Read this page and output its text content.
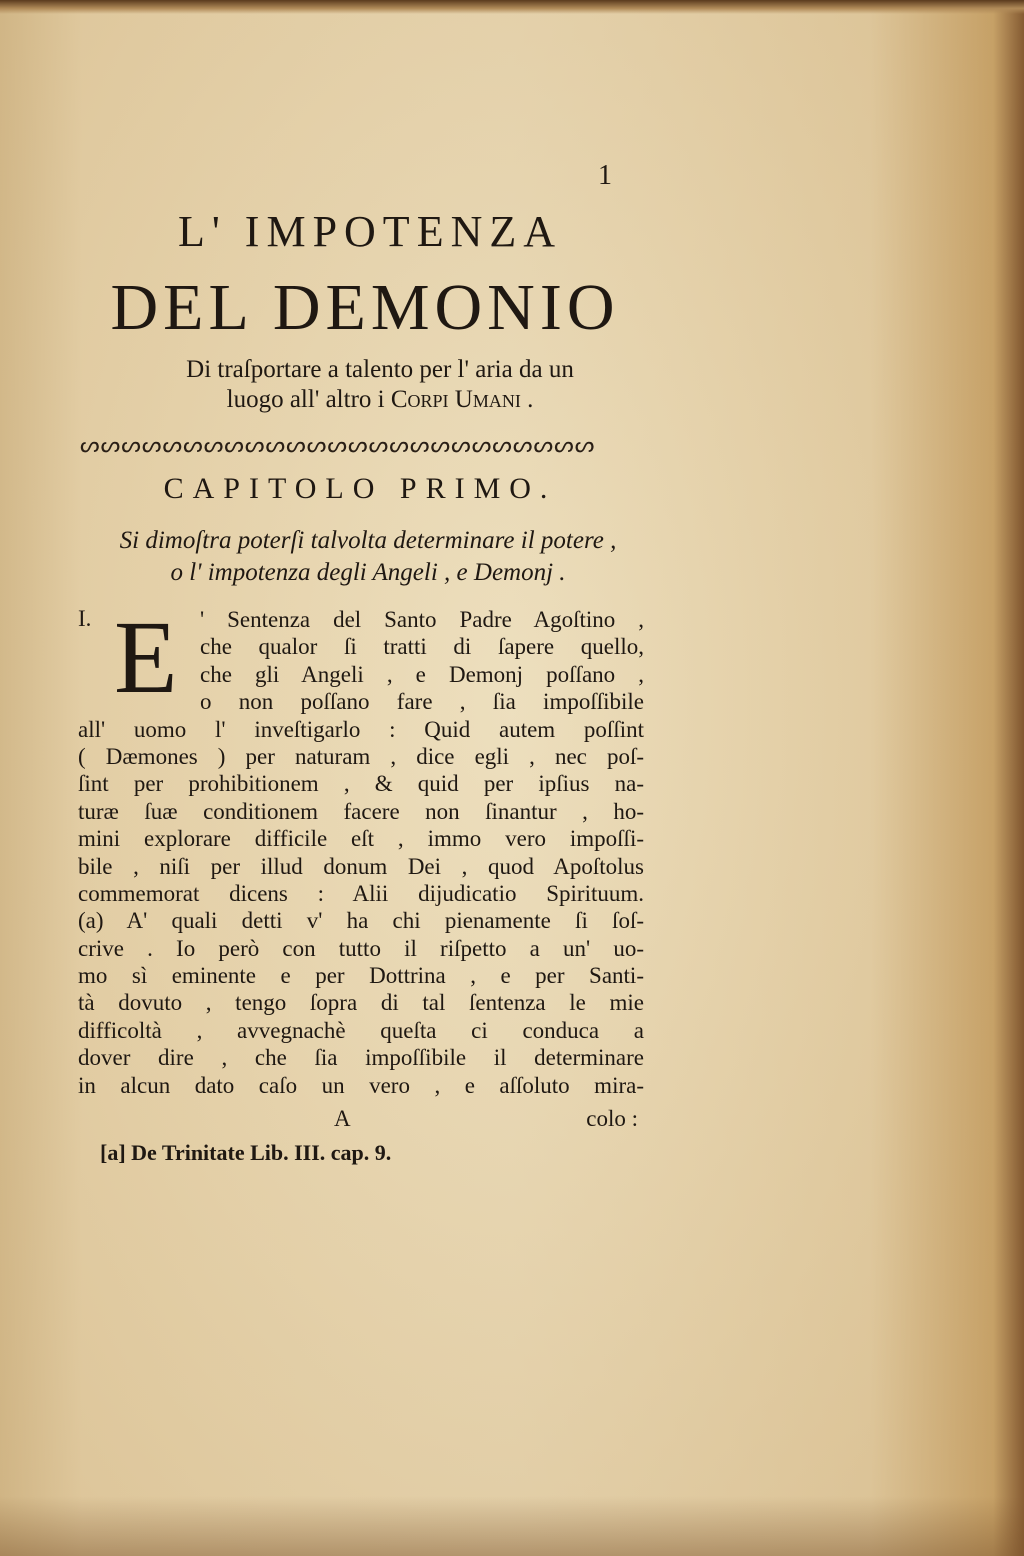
1
L' IMPOTENZA
DEL DEMONIO
Di traſportare a talento per l' aria da un
luogo all' altro i Corpi Umani .
ᔕᔕᔕᔕᔕᔕᔕᔕᔕᔕᔕᔕᔕᔕᔕᔕᔕᔕᔕᔕᔕᔕᔕᔕᔕ
CAPITOLO PRIMO.
Si dimoſtra poterſi talvolta determinare il potere ,
o l' impotenza degli Angeli , e Demonj .
I. E ' Sentenza del Santo Padre Agoſtino ,
che qualor ſi tratti di ſapere quello,
che gli Angeli , e Demonj poſſano ,
o non poſſano fare , ſia impoſſibile
all' uomo l' inveſtigarlo : Quid autem poſſint
( Dæmones ) per naturam , dice egli , nec poſ-
ſint per prohibitionem , & quid per ipſius na-
turæ ſuæ conditionem facere non ſinantur , ho-
mini explorare difficile eſt , immo vero impoſſi-
bile , niſi per illud donum Dei , quod Apoſtolus
commemorat dicens : Alii dijudicatio Spirituum.
(a) A' quali detti v' ha chi pienamente ſi ſoſ-
crive . Io però con tutto il riſpetto a un' uo-
mo sì eminente e per Dottrina , e per Santi-
tà dovuto , tengo ſopra di tal ſentenza le mie
difficoltà , avvegnachè queſta ci conduca a
dover dire , che ſia impoſſibile il determinare
in alcun dato caſo un vero , e aſſoluto mira-
A	colo :
[a] De Trinitate Lib. III. cap. 9.
